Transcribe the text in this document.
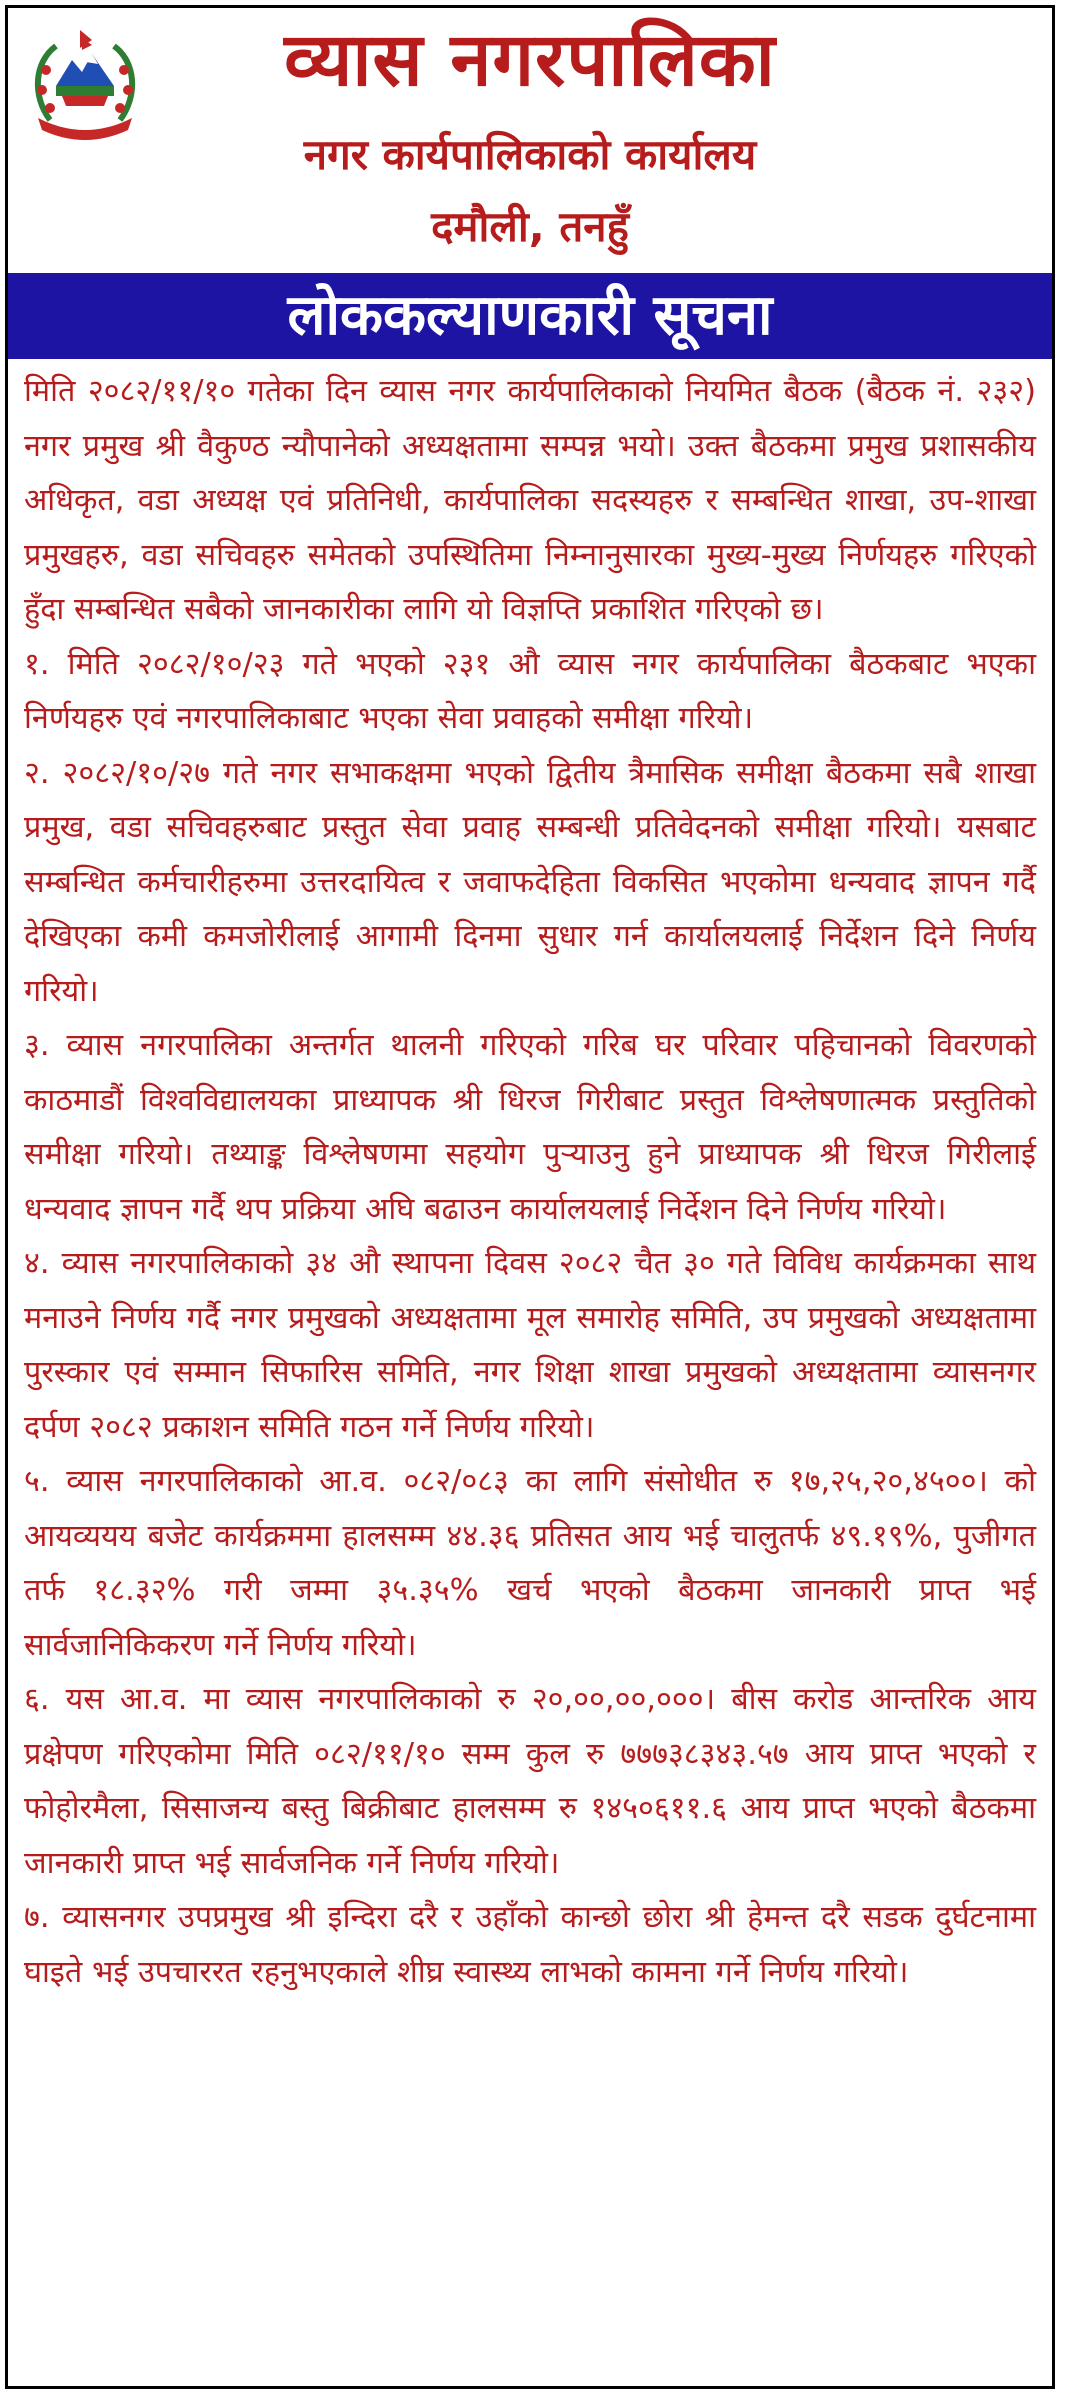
व्यास नगरपालिका
नगर कार्यपालिकाको कार्यालय
दमौली, तनहुँ
लोककल्याणकारी सूचना

मिति २०८२/११/१० गतेका दिन व्यास नगर कार्यपालिकाको नियमित बैठक (बैठक नं. २३२) नगर प्रमुख श्री वैकुण्ठ न्यौपानेको अध्यक्षतामा सम्पन्न भयो। उक्त बैठकमा प्रमुख प्रशासकीय अधिकृत, वडा अध्यक्ष एवं प्रतिनिधी, कार्यपालिका सदस्यहरु र सम्बन्धित शाखा, उप-शाखा प्रमुखहरु, वडा सचिवहरु समेतको उपस्थितिमा निम्नानुसारका मुख्य-मुख्य निर्णयहरु गरिएको हुँदा सम्बन्धित सबैको जानकारीका लागि यो विज्ञप्ति प्रकाशित गरिएको छ।

१. मिति २०८२/१०/२३ गते भएको २३१ औ व्यास नगर कार्यपालिका बैठकबाट भएका निर्णयहरु एवं नगरपालिकाबाट भएका सेवा प्रवाहको समीक्षा गरियो।

२. २०८२/१०/२७ गते नगर सभाकक्षमा भएको द्वितीय त्रैमासिक समीक्षा बैठकमा सबै शाखा प्रमुख, वडा सचिवहरुबाट प्रस्तुत सेवा प्रवाह सम्बन्धी प्रतिवेदनको समीक्षा गरियो। यसबाट सम्बन्धित कर्मचारीहरुमा उत्तरदायित्व र जवाफदेहिता विकसित भएकोमा धन्यवाद ज्ञापन गर्दै देखिएका कमी कमजोरीलाई आगामी दिनमा सुधार गर्न कार्यालयलाई निर्देशन दिने निर्णय गरियो।

३. व्यास नगरपालिका अन्तर्गत थालनी गरिएको गरिब घर परिवार पहिचानको विवरणको काठमाडौं विश्वविद्यालयका प्राध्यापक श्री धिरज गिरीबाट प्रस्तुत विश्लेषणात्मक प्रस्तुतिको समीक्षा गरियो। तथ्याङ्क विश्लेषणमा सहयोग पुर्‍याउनु हुने प्राध्यापक श्री धिरज गिरीलाई धन्यवाद ज्ञापन गर्दै थप प्रक्रिया अघि बढाउन कार्यालयलाई निर्देशन दिने निर्णय गरियो।

४. व्यास नगरपालिकाको ३४ औ स्थापना दिवस २०८२ चैत ३० गते विविध कार्यक्रमका साथ मनाउने निर्णय गर्दै नगर प्रमुखको अध्यक्षतामा मूल समारोह समिति, उप प्रमुखको अध्यक्षतामा पुरस्कार एवं सम्मान सिफारिस समिति, नगर शिक्षा शाखा प्रमुखको अध्यक्षतामा व्यासनगर दर्पण २०८२ प्रकाशन समिति गठन गर्ने निर्णय गरियो।

५. व्यास नगरपालिकाको आ.व. ०८२/०८३ का लागि संसोधीत रु १७,२५,२०,४५००। को आयव्ययय बजेट कार्यक्रममा हालसम्म ४४.३६ प्रतिसत आय भई चालुतर्फ ४९.१९%, पुजीगत तर्फ १८.३२% गरी जम्मा ३५.३५% खर्च भएको बैठकमा जानकारी प्राप्त भई सार्वजानिकिकरण गर्ने निर्णय गरियो।

६. यस आ.व. मा व्यास नगरपालिकाको रु २०,००,००,०००। बीस करोड आन्तरिक आय प्रक्षेपण गरिएकोमा मिति ०८२/११/१० सम्म कुल रु ७७७३८३४३.५७ आय प्राप्त भएको र फोहोरमैला, सिसाजन्य बस्तु बिक्रीबाट हालसम्म रु १४५०६११.६ आय प्राप्त भएको बैठकमा जानकारी प्राप्त भई सार्वजनिक गर्ने निर्णय गरियो।

७. व्यासनगर उपप्रमुख श्री इन्दिरा दरै र उहाँको कान्छो छोरा श्री हेमन्त दरै सडक दुर्घटनामा घाइते भई उपचाररत रहनुभएकाले शीघ्र स्वास्थ्य लाभको कामना गर्ने निर्णय गरियो।
